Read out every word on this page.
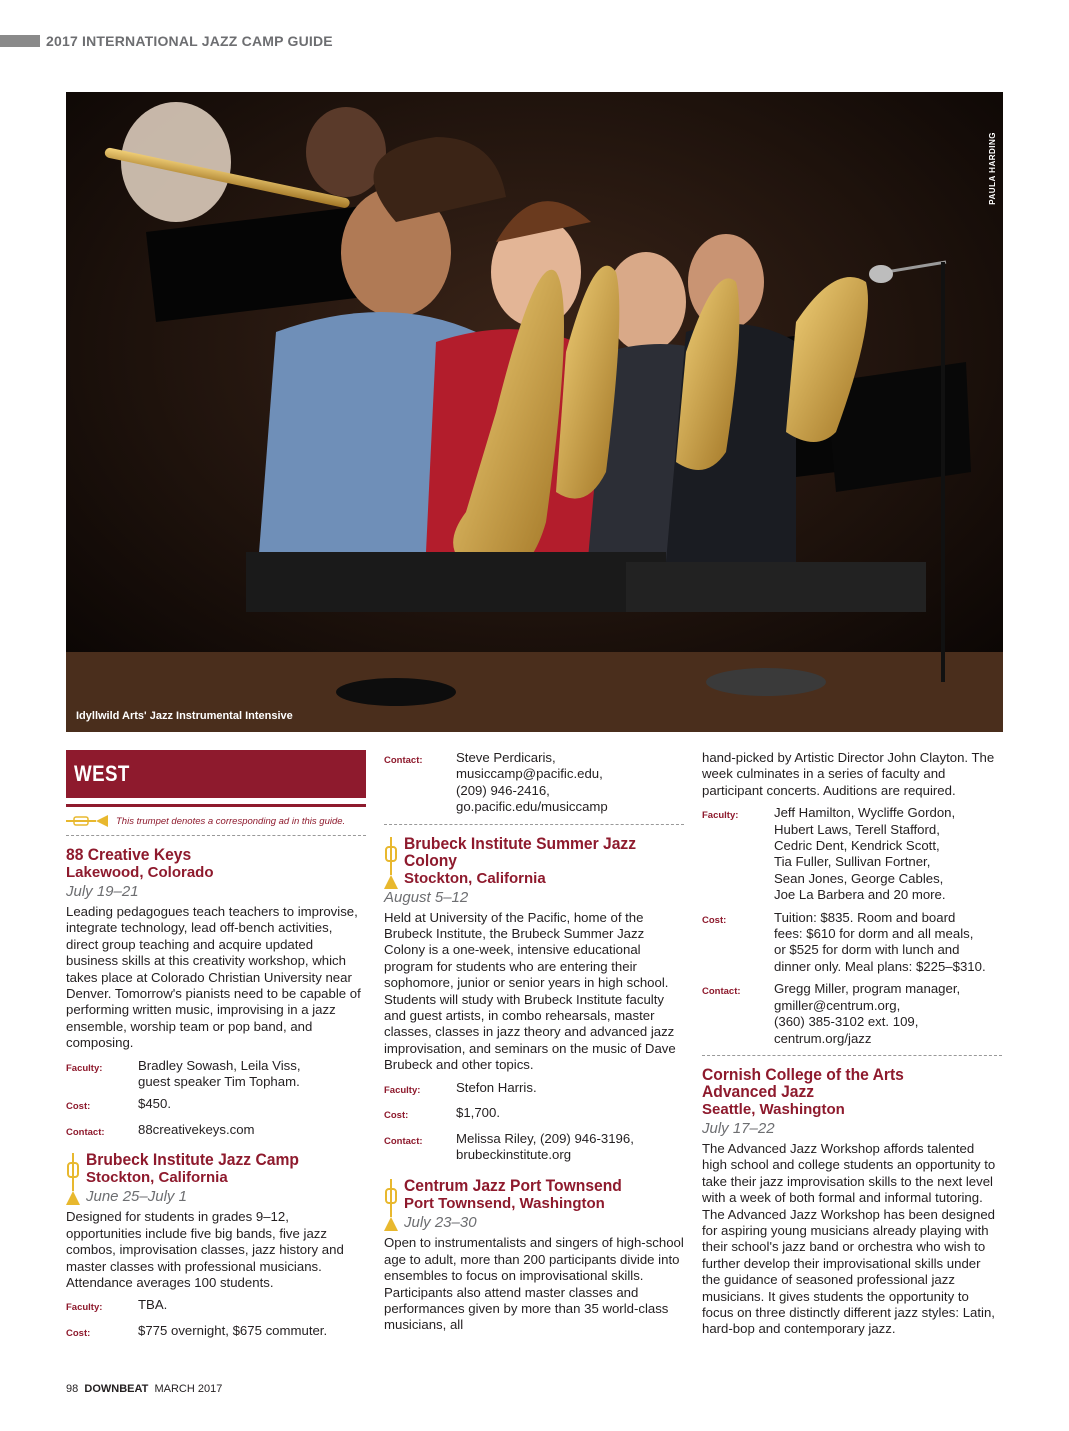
2017 INTERNATIONAL JAZZ CAMP GUIDE
PAULA HARDING
Idyllwild Arts' Jazz Instrumental Intensive
WEST
This trumpet denotes a corresponding ad in this guide.
88 Creative Keys
Lakewood, Colorado
July 19–21
Leading pedagogues teach teachers to improvise, integrate technology, lead off-bench activities, direct group teaching and acquire updated business skills at this creativity workshop, which takes place at Colorado Christian University near Denver. Tomorrow's pianists need to be capable of performing written music, improvising in a jazz ensemble, worship team or pop band, and composing.
Faculty:	Bradley Sowash, Leila Viss,
guest speaker Tim Topham.
Cost:	$450.
Contact:	88creativekeys.com
Brubeck Institute Jazz Camp
Stockton, California
June 25–July 1
Designed for students in grades 9–12, opportunities include five big bands, five jazz combos, improvisation classes, jazz history and master classes with professional musicians. Attendance averages 100 students.
Faculty:	TBA.
Cost:	$775 overnight, $675 commuter.
Contact:	Steve Perdicaris,
musiccamp@pacific.edu,
(209) 946-2416,
go.pacific.edu/musiccamp
Brubeck Institute Summer Jazz Colony
Stockton, California
August 5–12
Held at University of the Pacific, home of the Brubeck Institute, the Brubeck Summer Jazz Colony is a one-week, intensive educational program for students who are entering their sophomore, junior or senior years in high school. Students will study with Brubeck Institute faculty and guest artists, in combo rehearsals, master classes, classes in jazz theory and advanced jazz improvisation, and seminars on the music of Dave Brubeck and other topics.
Faculty:	Stefon Harris.
Cost:	$1,700.
Contact:	Melissa Riley, (209) 946-3196,
brubeckinstitute.org
Centrum Jazz Port Townsend
Port Townsend, Washington
July 23–30
Open to instrumentalists and singers of high-school age to adult, more than 200 participants divide into ensembles to focus on improvisational skills. Participants also attend master classes and performances given by more than 35 world-class musicians, all
hand-picked by Artistic Director John Clayton. The week culminates in a series of faculty and participant concerts. Auditions are required.
Faculty:	Jeff Hamilton, Wycliffe Gordon,
Hubert Laws, Terell Stafford,
Cedric Dent, Kendrick Scott,
Tia Fuller, Sullivan Fortner,
Sean Jones, George Cables,
Joe La Barbera and 20 more.
Cost:	Tuition: $835. Room and board
fees: $610 for dorm and all meals,
or $525 for dorm with lunch and
dinner only. Meal plans: $225–$310.
Contact:	Gregg Miller, program manager,
gmiller@centrum.org,
(360) 385-3102 ext. 109,
centrum.org/jazz
Cornish College of the Arts Advanced Jazz
Seattle, Washington
July 17–22
The Advanced Jazz Workshop affords talented high school and college students an opportunity to take their jazz improvisation skills to the next level with a week of both formal and informal tutoring. The Advanced Jazz Workshop has been designed for aspiring young musicians already playing with their school's jazz band or orchestra who wish to further develop their improvisational skills under the guidance of seasoned professional jazz musicians. It gives students the opportunity to focus on three distinctly different jazz styles: Latin, hard-bop and contemporary jazz.
98 DOWNBEAT MARCH 2017
